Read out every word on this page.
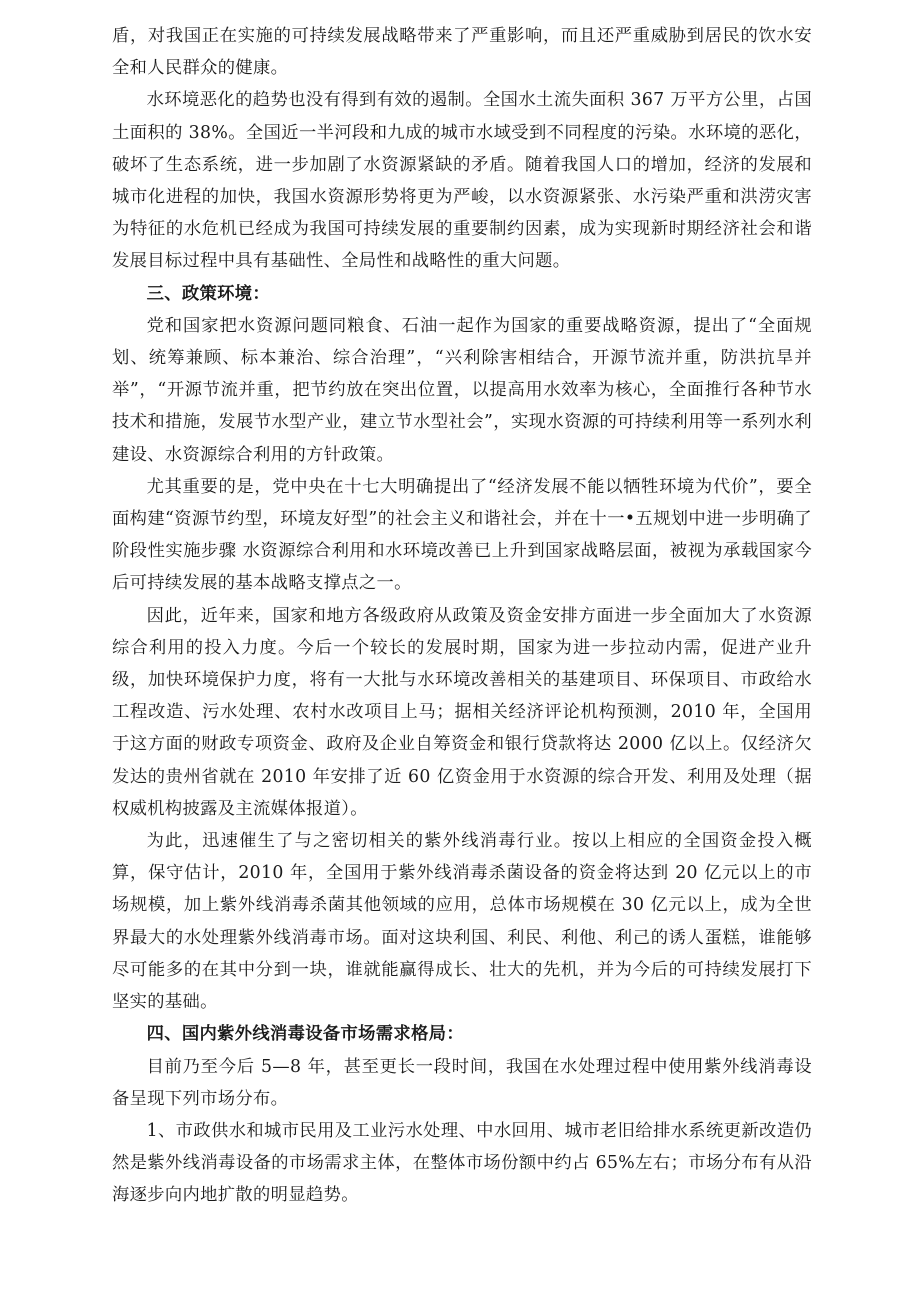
盾，对我国正在实施的可持续发展战略带来了严重影响，而且还严重威胁到居民的饮水安全和人民群众的健康。

水环境恶化的趋势也没有得到有效的遏制。全国水土流失面积 367 万平方公里，占国土面积的 38%。全国近一半河段和九成的城市水域受到不同程度的污染。水环境的恶化，破坏了生态系统，进一步加剧了水资源紧缺的矛盾。随着我国人口的增加，经济的发展和城市化进程的加快，我国水资源形势将更为严峻，以水资源紧张、水污染严重和洪涝灾害为特征的水危机已经成为我国可持续发展的重要制约因素，成为实现新时期经济社会和谐发展目标过程中具有基础性、全局性和战略性的重大问题。

三、政策环境：

党和国家把水资源问题同粮食、石油一起作为国家的重要战略资源，提出了“全面规划、统筹兼顾、标本兼治、综合治理”，“兴利除害相结合，开源节流并重，防洪抗旱并举”，“开源节流并重，把节约放在突出位置，以提高用水效率为核心，全面推行各种节水技术和措施，发展节水型产业，建立节水型社会”，实现水资源的可持续利用等一系列水利建设、水资源综合利用的方针政策。

尤其重要的是，党中央在十七大明确提出了“经济发展不能以牺牲环境为代价”，要全面构建“资源节约型，环境友好型”的社会主义和谐社会，并在十一•五规划中进一步明确了阶段性实施步骤 水资源综合利用和水环境改善已上升到国家战略层面，被视为承载国家今后可持续发展的基本战略支撑点之一。

因此，近年来，国家和地方各级政府从政策及资金安排方面进一步全面加大了水资源综合利用的投入力度。今后一个较长的发展时期，国家为进一步拉动内需，促进产业升级，加快环境保护力度，将有一大批与水环境改善相关的基建项目、环保项目、市政给水工程改造、污水处理、农村水改项目上马；据相关经济评论机构预测，2010 年，全国用于这方面的财政专项资金、政府及企业自筹资金和银行贷款将达 2000 亿以上。仅经济欠发达的贵州省就在 2010 年安排了近 60 亿资金用于水资源的综合开发、利用及处理（据权威机构披露及主流媒体报道）。

为此，迅速催生了与之密切相关的紫外线消毒行业。按以上相应的全国资金投入概算，保守估计，2010 年，全国用于紫外线消毒杀菌设备的资金将达到 20 亿元以上的市场规模，加上紫外线消毒杀菌其他领域的应用，总体市场规模在 30 亿元以上，成为全世界最大的水处理紫外线消毒市场。面对这块利国、利民、利他、利己的诱人蛋糕，谁能够尽可能多的在其中分到一块，谁就能赢得成长、壮大的先机，并为今后的可持续发展打下坚实的基础。

四、国内紫外线消毒设备市场需求格局：

目前乃至今后 5—8 年，甚至更长一段时间，我国在水处理过程中使用紫外线消毒设备呈现下列市场分布。

1、市政供水和城市民用及工业污水处理、中水回用、城市老旧给排水系统更新改造仍然是紫外线消毒设备的市场需求主体，在整体市场份额中约占 65%左右；市场分布有从沿海逐步向内地扩散的明显趋势。
